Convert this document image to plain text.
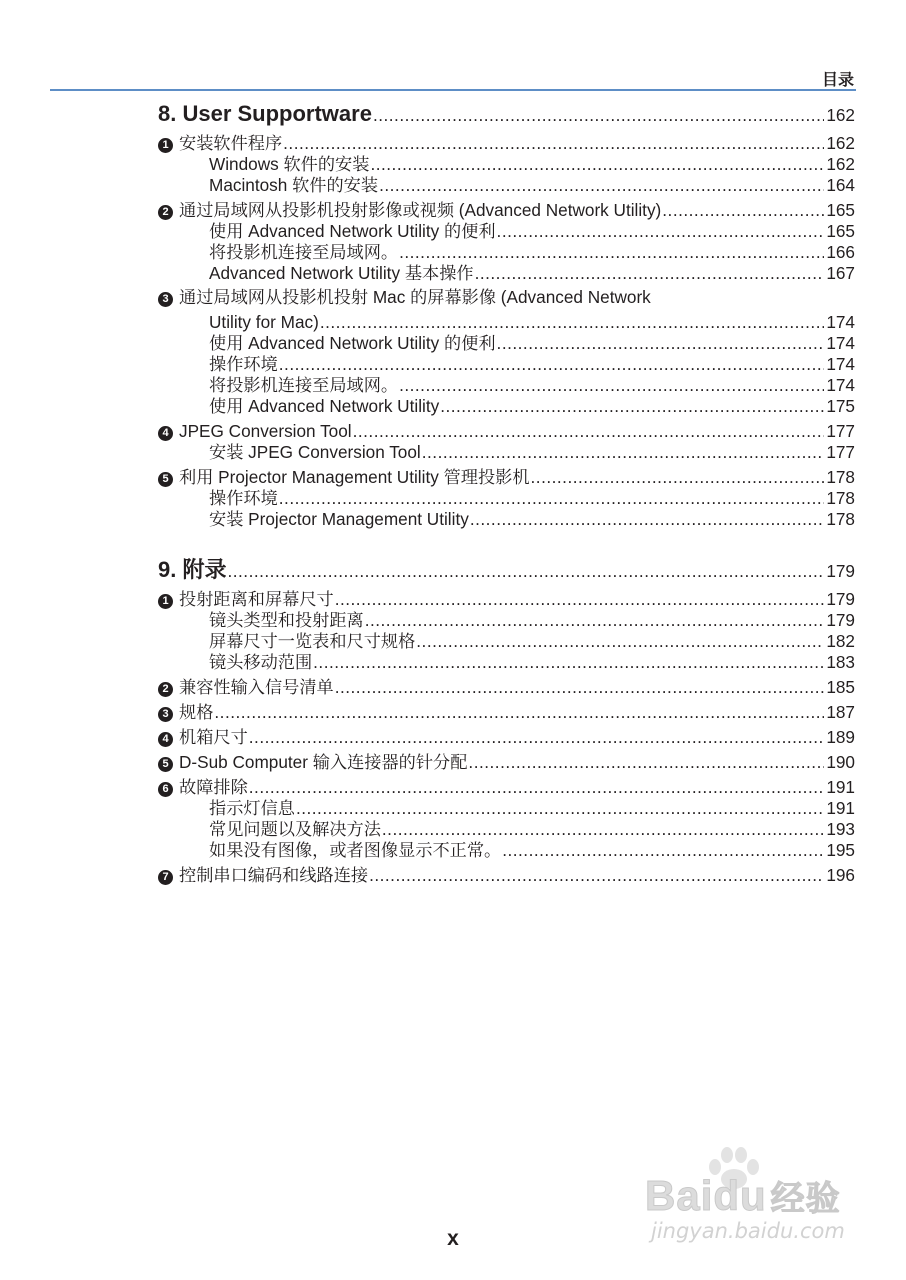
目录
8. User Supportware .....	162
1 安装软件程序 .....	162
Windows 软件的安装 .....	162
Macintosh 软件的安装 .....	164
2 通过局域网从投影机投射影像或视频 (Advanced Network Utility) .....	165
使用 Advanced Network Utility 的便利 .....	165
将投影机连接至局域网。 .....	166
Advanced Network Utility 基本操作 .....	167
3 通过局域网从投影机投射 Mac 的屏幕影像 (Advanced Network
Utility for Mac) .....	174
使用 Advanced Network Utility 的便利 .....	174
操作环境 .....	174
将投影机连接至局域网。 .....	174
使用 Advanced Network Utility .....	175
4 JPEG Conversion Tool .....	177
安装 JPEG Conversion Tool .....	177
5 利用 Projector Management Utility 管理投影机 .....	178
操作环境 .....	178
安装 Projector Management Utility .....	178
9. 附录 .....	179
1 投射距离和屏幕尺寸 .....	179
镜头类型和投射距离 .....	179
屏幕尺寸一览表和尺寸规格 .....	182
镜头移动范围 .....	183
2 兼容性输入信号清单 .....	185
3 规格 .....	187
4 机箱尺寸 .....	189
5 D-Sub Computer 输入连接器的针分配 .....	190
6 故障排除 .....	191
指示灯信息 .....	191
常见问题以及解决方法 .....	193
如果没有图像，或者图像显示不正常。 .....	195
7 控制串口编码和线路连接 .....	196
Baidu 经验
jingyan.baidu.com
x
